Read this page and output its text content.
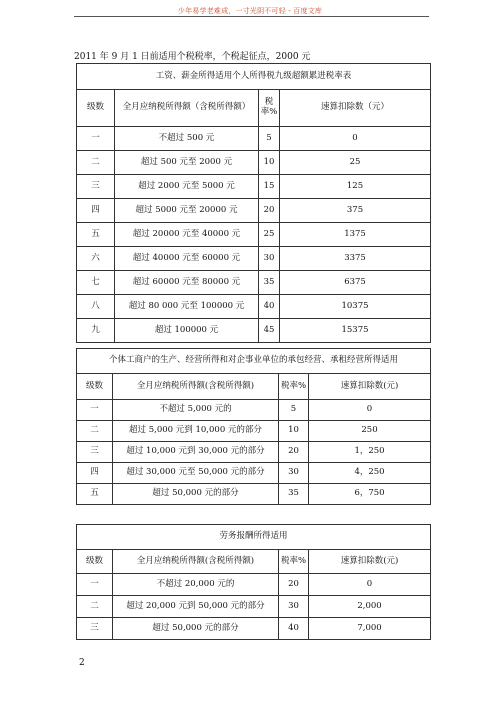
少年易学老难成，一寸光阴不可轻 - 百度文库
2011 年 9 月 1 日前适用个税税率，个税起征点，2000 元
工资、薪金所得适用个人所得税九级超额累进税率表			
级数	全月应纳税所得额（含税所得额）	税率%	速算扣除数（元）
一	不超过 500 元	5	0
二	超过 500 元至 2000 元	10	25
三	超过 2000 元至 5000 元	15	125
四	超过 5000 元至 20000 元	20	375
五	超过 20000 元至 40000 元	25	1375
六	超过 40000 元至 60000 元	30	3375
七	超过 60000 元至 80000 元	35	6375
八	超过 80 000 元至 100000 元	40	10375
九	超过 100000 元	45	15375
个体工商户的生产、经营所得和对企事业单位的承包经营、承租经营所得适用			
级数	全月应纳税所得额(含税所得额)	税率%	速算扣除数(元)
一	不超过 5,000 元的	5	0
二	超过 5,000 元到 10,000 元的部分	10	250
三	超过 10,000 元到 30,000 元的部分	20	1，250
四	超过 30,000 元至 50,000 元的部分	30	4，250
五	超过 50,000 元的部分	35	6，750
劳务报酬所得适用			
级数	全月应纳税所得额(含税所得额)	税率%	速算扣除数(元)
一	不超过 20,000 元的	20	0
二	超过 20,000 元到 50,000 元的部分	30	2,000
三	超过 50,000 元的部分	40	7,000
2
